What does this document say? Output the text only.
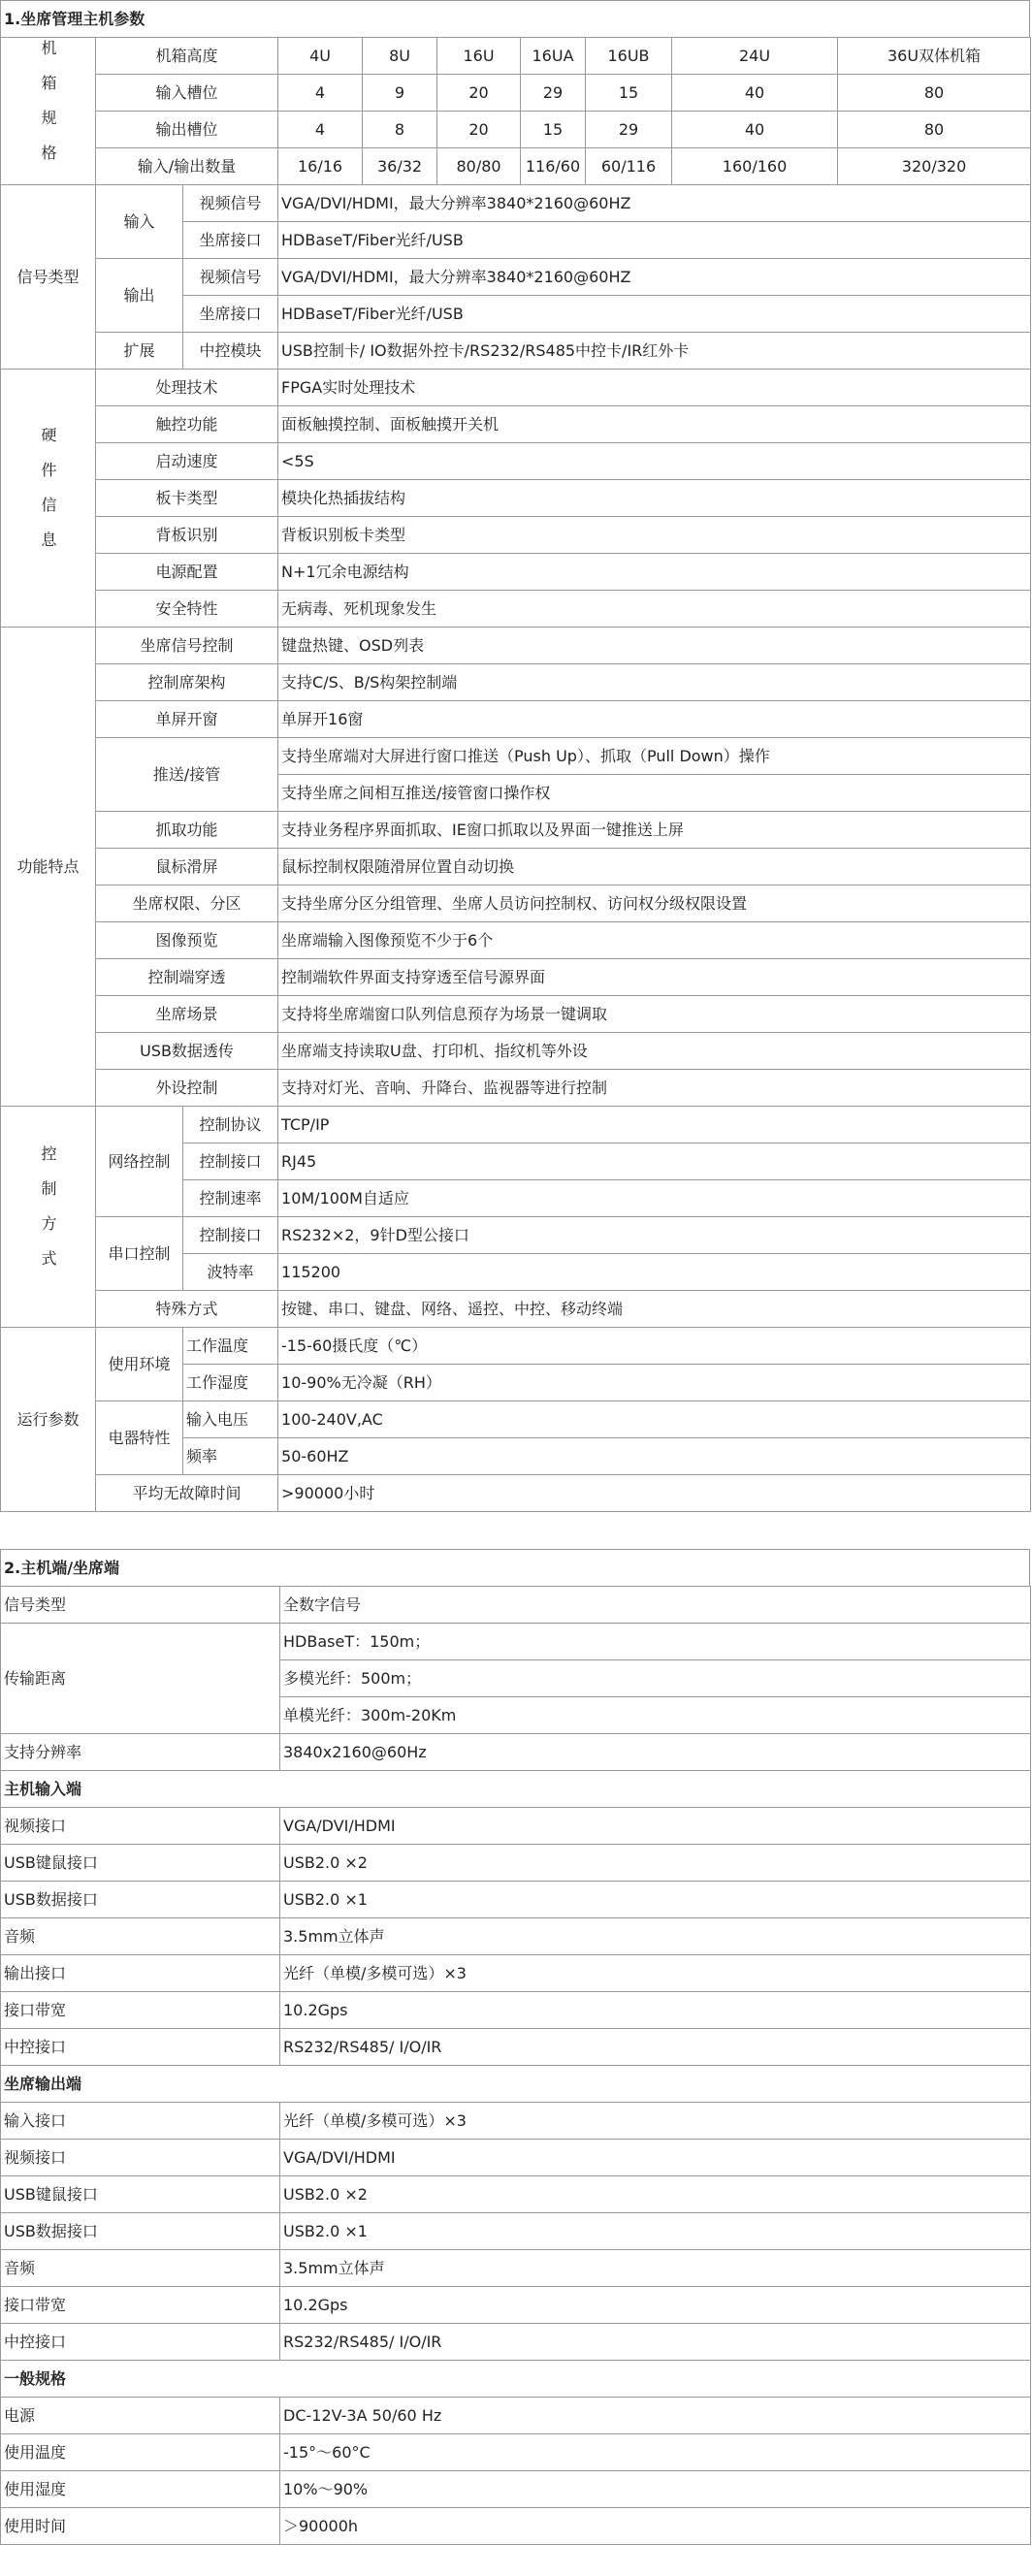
1.坐席管理主机参数
机箱规格	机箱高度		4U	8U	16U	16UA	16UB	24U	36U双体机箱	
	输入槽位		4	9	20	29	15	40	80	
	输出槽位		4	8	20	15	29	40	80	
	输入/输出数量		16/16	36/32	80/80	116/60	60/116	160/160	320/320	
信号类型	输入	视频信号	VGA/DVI/HDMI，最大分辨率3840*2160@60HZ							
		坐席接口	HDBaseT/Fiber光纤/USB							
	输出	视频信号	VGA/DVI/HDMI，最大分辨率3840*2160@60HZ							
		坐席接口	HDBaseT/Fiber光纤/USB							
	扩展	中控模块	USB控制卡/ IO数据外控卡/RS232/RS485中控卡/IR红外卡							
硬件信息	处理技术		FPGA实时处理技术							
	触控功能		面板触摸控制、面板触摸开关机							
	启动速度		<5S							
	板卡类型		模块化热插拔结构							
	背板识别		背板识别板卡类型							
	电源配置		N+1冗余电源结构							
	安全特性		无病毒、死机现象发生							
功能特点	坐席信号控制		键盘热键、OSD列表							
	控制席架构		支持C/S、B/S构架控制端							
	单屏开窗		单屏开16窗							
	推送/接管		支持坐席端对大屏进行窗口推送（Push Up）、抓取（Pull Down）操作							
			支持坐席之间相互推送/接管窗口操作权							
	抓取功能		支持业务程序界面抓取、IE窗口抓取以及界面一键推送上屏							
	鼠标滑屏		鼠标控制权限随滑屏位置自动切换							
	坐席权限、分区		支持坐席分区分组管理、坐席人员访问控制权、访问权分级权限设置							
	图像预览		坐席端输入图像预览不少于6个							
	控制端穿透		控制端软件界面支持穿透至信号源界面							
	坐席场景		支持将坐席端窗口队列信息预存为场景一键调取							
	USB数据透传		坐席端支持读取U盘、打印机、指纹机等外设							
	外设控制		支持对灯光、音响、升降台、监视器等进行控制							
控制方式	网络控制	控制协议	TCP/IP							
		控制接口	RJ45							
		控制速率	10M/100M自适应							
	串口控制	控制接口	RS232×2，9针D型公接口							
		波特率	115200							
	特殊方式		按键、串口、键盘、网络、遥控、中控、移动终端							
运行参数	使用环境	工作温度	-15-60摄氏度（℃）							
		工作湿度	10-90%无冷凝（RH）							
	电器特性	输入电压	100-240V,AC							
		频率	50-60HZ							
	平均无故障时间		>90000小时							
2.主机端/坐席端
信号类型	全数字信号
传输距离	HDBaseT：150m；
	多模光纤：500m；
	单模光纤：300m-20Km
支持分辨率	3840x2160@60Hz
主机输入端	
视频接口	VGA/DVI/HDMI
USB键鼠接口	USB2.0 ×2
USB数据接口	USB2.0 ×1
音频	3.5mm立体声
输出接口	光纤（单模/多模可选）×3
接口带宽	10.2Gps
中控接口	RS232/RS485/ I/O/IR
坐席输出端	
输入接口	光纤（单模/多模可选）×3
视频接口	VGA/DVI/HDMI
USB键鼠接口	USB2.0 ×2
USB数据接口	USB2.0 ×1
音频	3.5mm立体声
接口带宽	10.2Gps
中控接口	RS232/RS485/ I/O/IR
一般规格	
电源	DC-12V-3A 50/60 Hz
使用温度	-15°～60°C
使用湿度	10%～90%
使用时间	＞90000h
